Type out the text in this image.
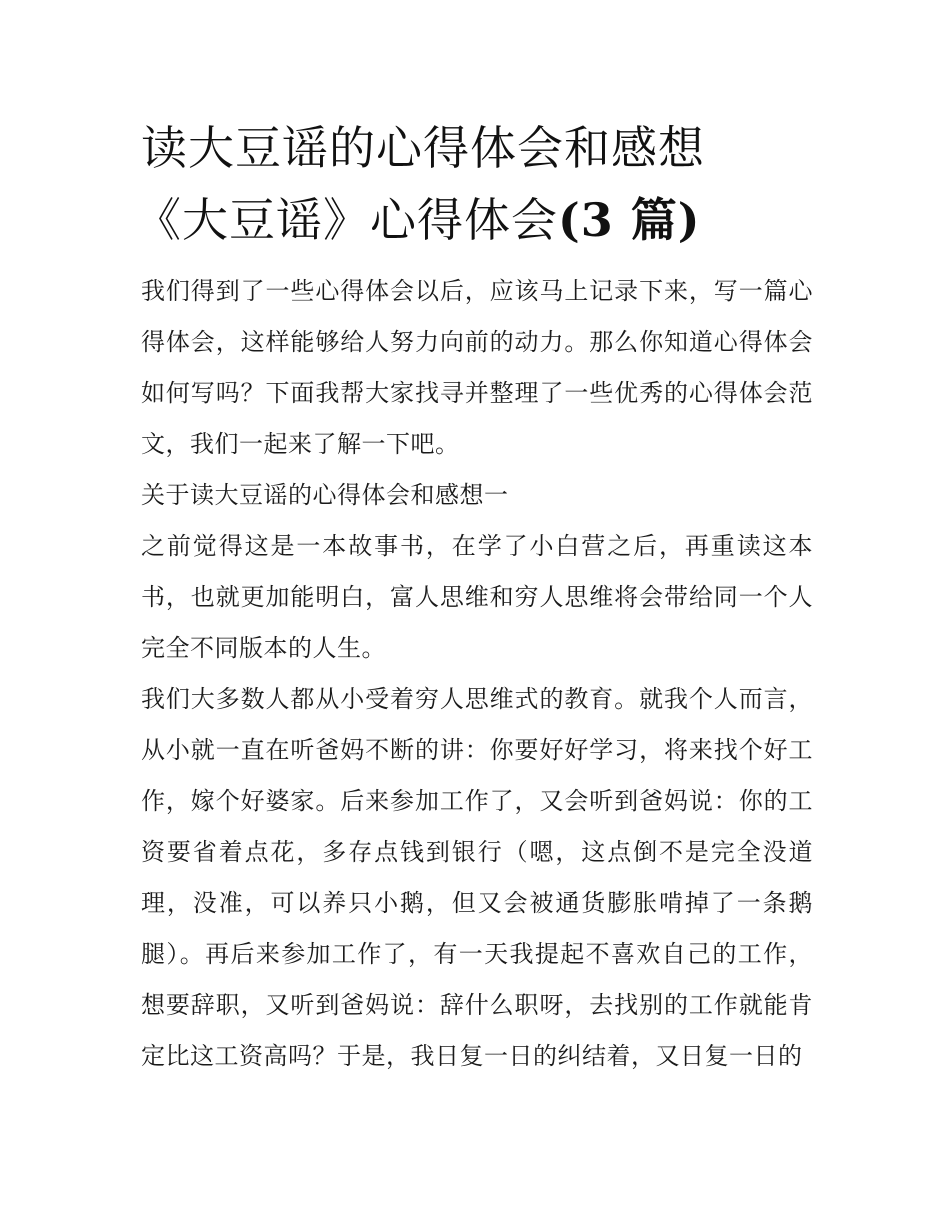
读大豆谣的心得体会和感想
《大豆谣》心得体会(3 篇)

我们得到了一些心得体会以后，应该马上记录下来，写一篇心得体会，这样能够给人努力向前的动力。那么你知道心得体会如何写吗？下面我帮大家找寻并整理了一些优秀的心得体会范文，我们一起来了解一下吧。

关于读大豆谣的心得体会和感想一

之前觉得这是一本故事书，在学了小白营之后，再重读这本书，也就更加能明白，富人思维和穷人思维将会带给同一个人完全不同版本的人生。

我们大多数人都从小受着穷人思维式的教育。就我个人而言，从小就一直在听爸妈不断的讲：你要好好学习，将来找个好工作，嫁个好婆家。后来参加工作了，又会听到爸妈说：你的工资要省着点花，多存点钱到银行（嗯，这点倒不是完全没道理，没准，可以养只小鹅，但又会被通货膨胀啃掉了一条鹅腿）。再后来参加工作了，有一天我提起不喜欢自己的工作，想要辞职，又听到爸妈说：辞什么职呀，去找别的工作就能肯定比这工资高吗？于是，我日复一日的纠结着，又日复一日的
